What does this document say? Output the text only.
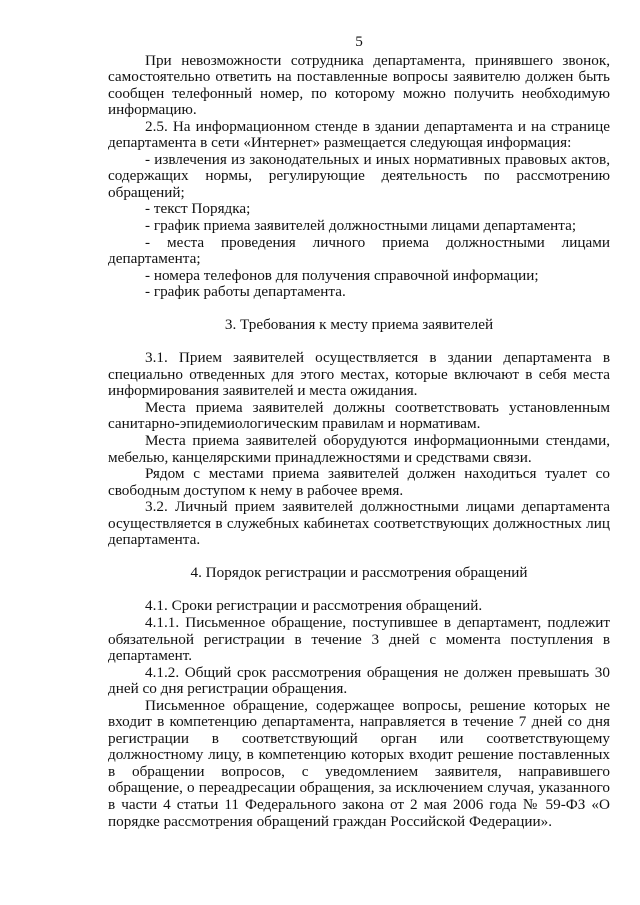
5

При невозможности сотрудника департамента, принявшего звонок, самостоятельно ответить на поставленные вопросы заявителю должен быть сообщен телефонный номер, по которому можно получить необходимую информацию.

2.5. На информационном стенде в здании департамента и на странице департамента в сети «Интернет» размещается следующая информация:

- извлечения из законодательных и иных нормативных правовых актов, содержащих нормы, регулирующие деятельность по рассмотрению обращений;

- текст Порядка;

- график приема заявителей должностными лицами департамента;

- места проведения личного приема должностными лицами департамента;

- номера телефонов для получения справочной информации;

- график работы департамента.

3. Требования к месту приема заявителей

3.1. Прием заявителей осуществляется в здании департамента в специально отведенных для этого местах, которые включают в себя места информирования заявителей и места ожидания.

Места приема заявителей должны соответствовать установленным санитарно-эпидемиологическим правилам и нормативам.

Места приема заявителей оборудуются информационными стендами, мебелью, канцелярскими принадлежностями и средствами связи.

Рядом с местами приема заявителей должен находиться туалет со свободным доступом к нему в рабочее время.

3.2. Личный прием заявителей должностными лицами департамента осуществляется в служебных кабинетах соответствующих должностных лиц департамента.

4. Порядок регистрации и рассмотрения обращений

4.1. Сроки регистрации и рассмотрения обращений.

4.1.1. Письменное обращение, поступившее в департамент, подлежит обязательной регистрации в течение 3 дней с момента поступления в департамент.

4.1.2. Общий срок рассмотрения обращения не должен превышать 30 дней со дня регистрации обращения.

Письменное обращение, содержащее вопросы, решение которых не входит в компетенцию департамента, направляется в течение 7 дней со дня регистрации в соответствующий орган или соответствующему должностному лицу, в компетенцию которых входит решение поставленных в обращении вопросов, с уведомлением заявителя, направившего обращение, о переадресации обращения, за исключением случая, указанного в части 4 статьи 11 Федерального закона от 2 мая 2006 года № 59-ФЗ «О порядке рассмотрения обращений граждан Российской Федерации».
